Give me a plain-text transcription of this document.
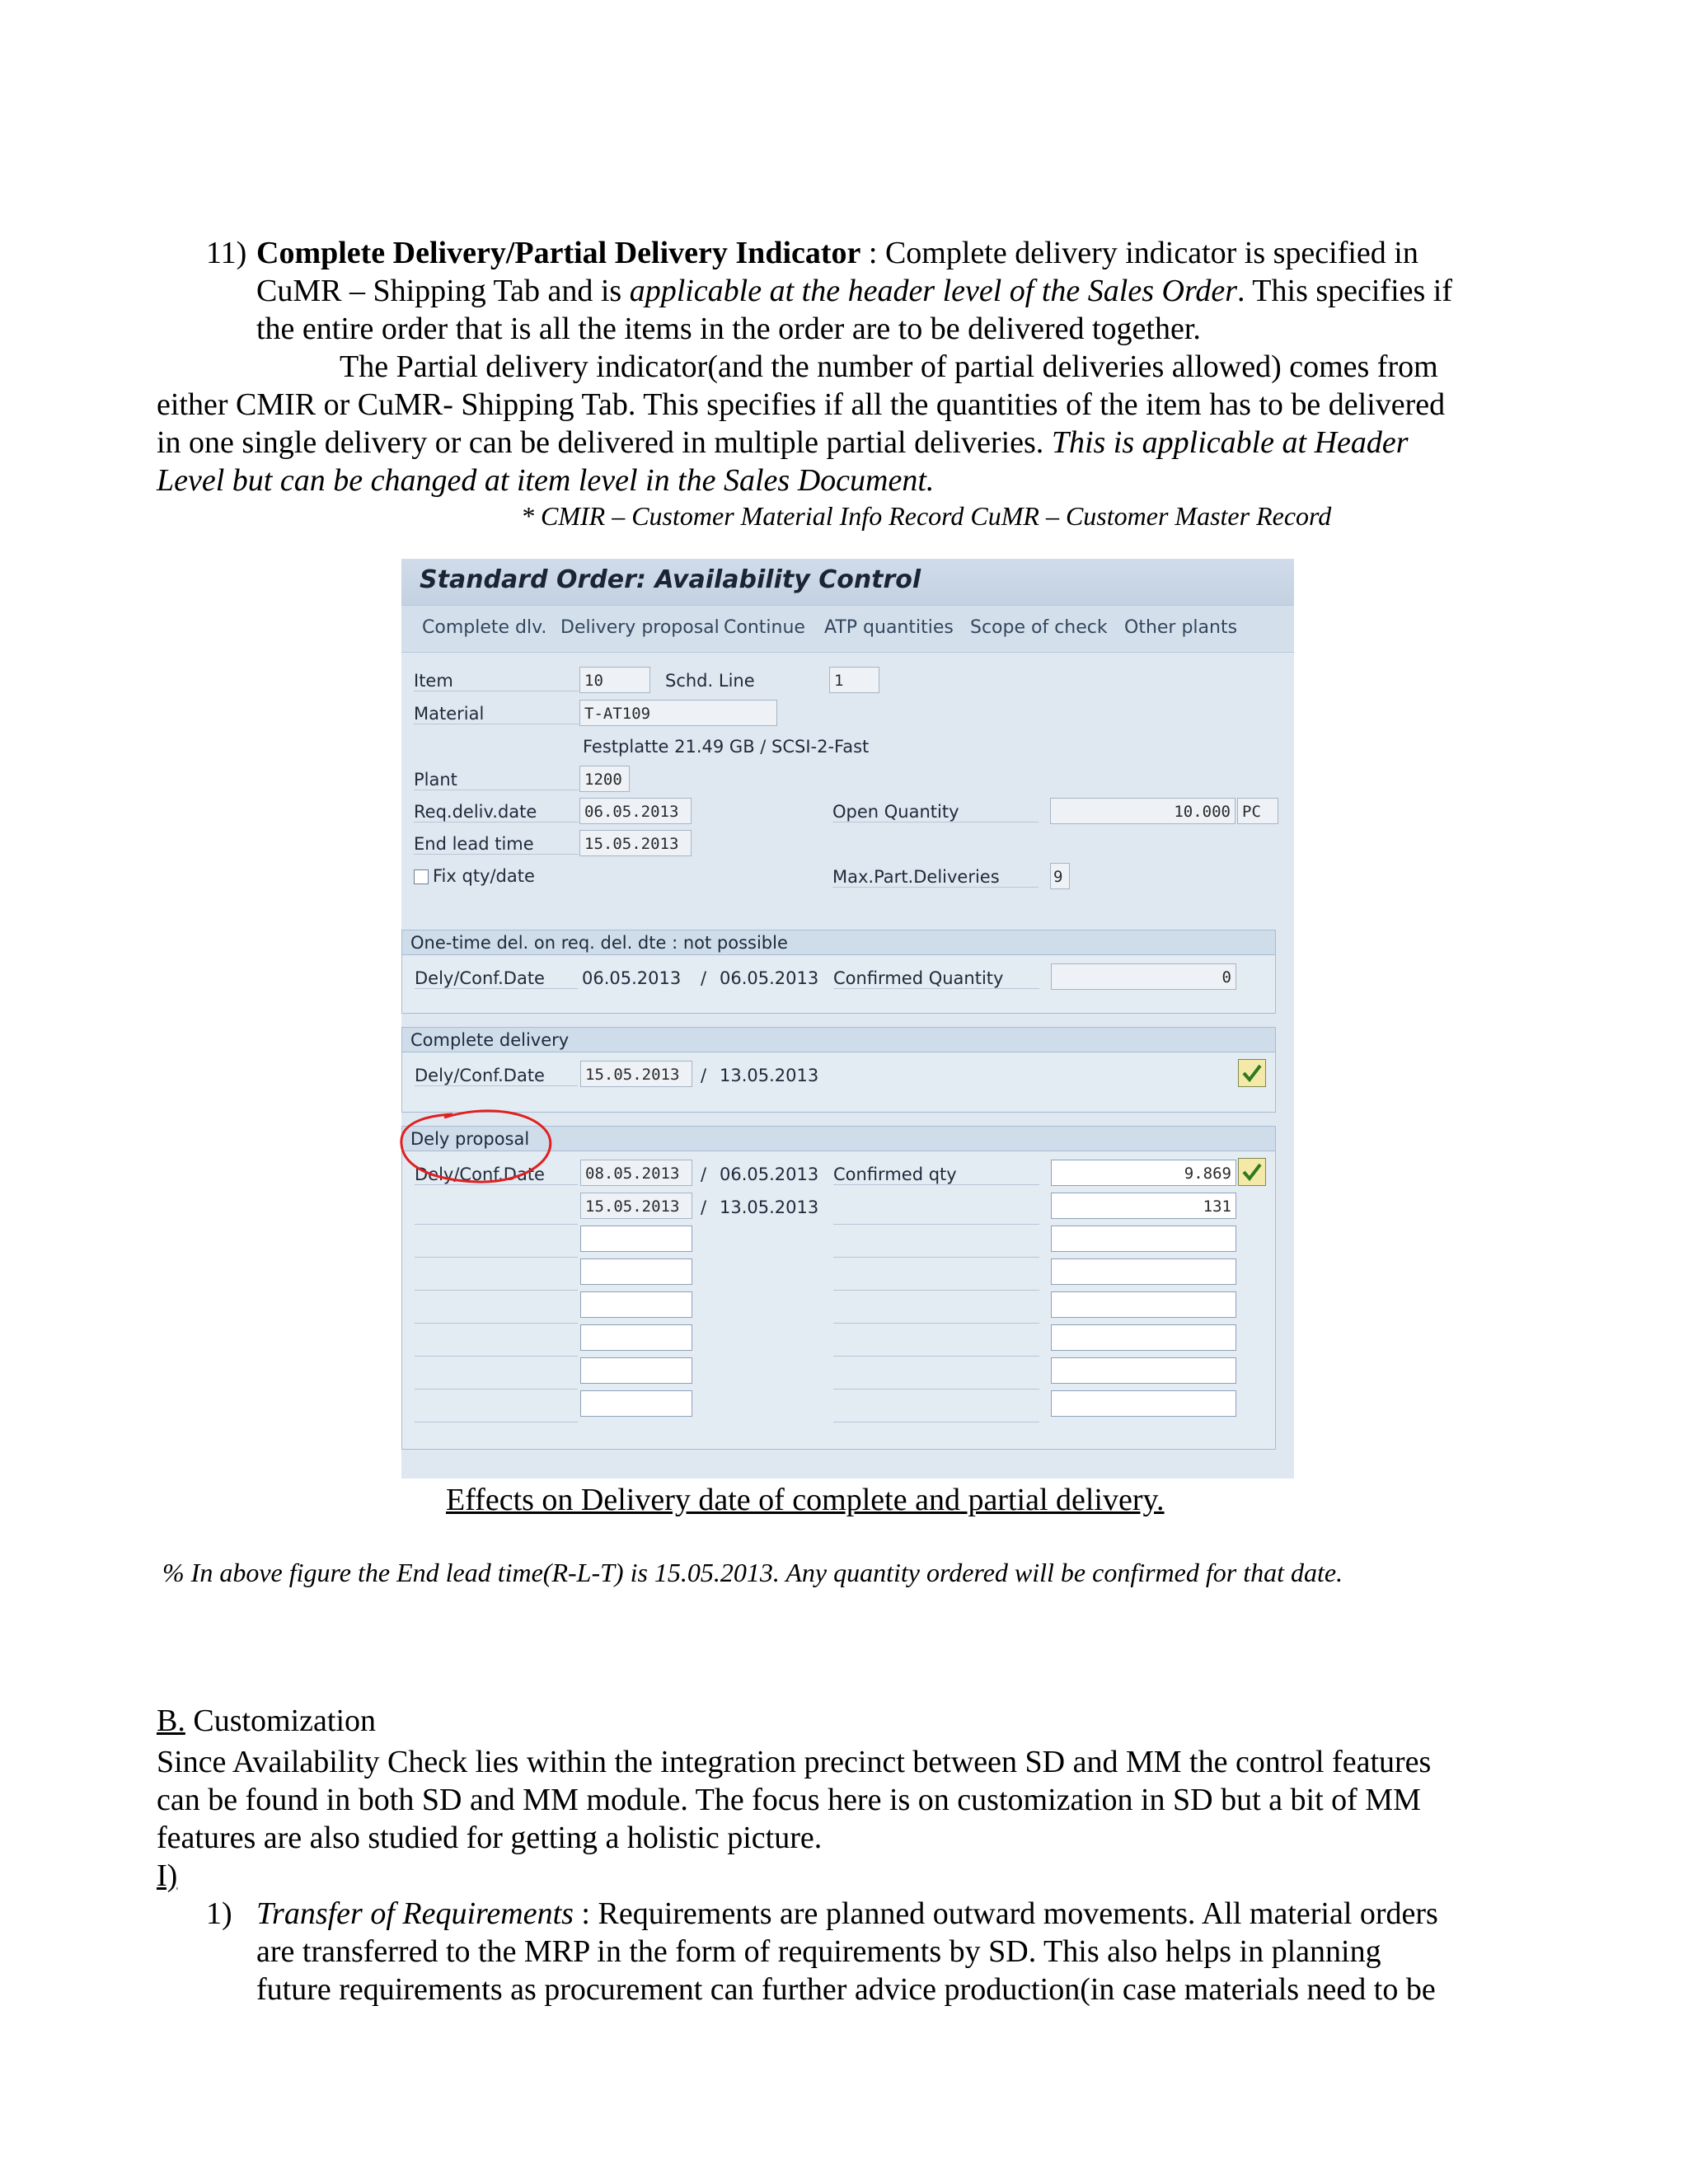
11) Complete Delivery/Partial Delivery Indicator : Complete delivery indicator is specified in

CuMR – Shipping Tab and is applicable at the header level of the Sales Order. This specifies if

the entire order that is all the items in the order are to be delivered together.

The Partial delivery indicator(and the number of partial deliveries allowed) comes from

either CMIR or CuMR- Shipping Tab. This specifies if all the quantities of the item has to be delivered

in one single delivery or can be delivered in multiple partial deliveries. This is applicable at Header

Level but can be changed at item level in the Sales Document.

* CMIR – Customer Material Info Record CuMR – Customer Master Record

Standard Order: Availability Control
Complete dlv. Delivery proposal Continue ATP quantities Scope of check Other plants
Item	10	Schd. Line	1
Material	T-AT109
Festplatte 21.49 GB / SCSI-2-Fast
Plant	1200
Req.deliv.date	06.05.2013	Open Quantity	10.000 PC
End lead time	15.05.2013
Fix qty/date	Max.Part.Deliveries	9
One-time del. on req. del. dte : not possible
Dely/Conf.Date	06.05.2013 / 06.05.2013 Confirmed Quantity	0
Complete delivery
Dely/Conf.Date	15.05.2013	/ 13.05.2013
Dely proposal
Dely/Conf.Date	08.05.2013	/ 06.05.2013 Confirmed qty	9.869
15.05.2013	/ 13.05.2013	131

Effects on Delivery date of complete and partial delivery.

% In above figure the End lead time(R-L-T) is 15.05.2013. Any quantity ordered will be confirmed for that date.

B. Customization

Since Availability Check lies within the integration precinct between SD and MM the control features

can be found in both SD and MM module. The focus here is on customization in SD but a bit of MM

features are also studied for getting a holistic picture.

I)

1) Transfer of Requirements : Requirements are planned outward movements. All material orders

are transferred to the MRP in the form of requirements by SD. This also helps in planning

future requirements as procurement can further advice production(in case materials need to be
